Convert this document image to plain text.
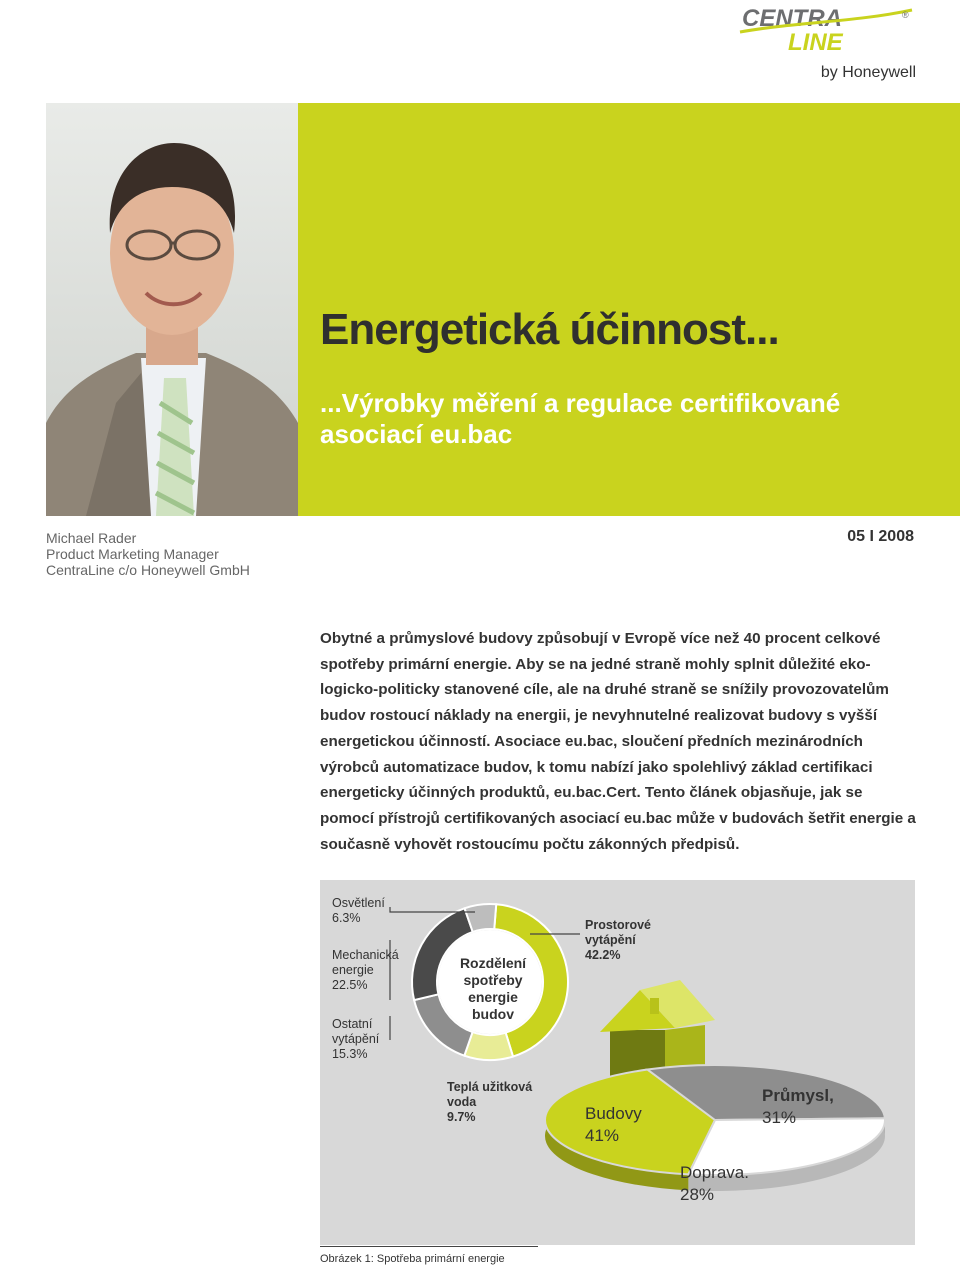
CENTRA
LINE
®
by Honeywell
Energetická účinnost...
...Výrobky měření a regulace certifikované asociací eu.bac
Michael Rader
Product Marketing Manager
CentraLine c/o Honeywell GmbH
05 I 2008

Obytné a průmyslové budovy způsobují v Evropě více než 40 procent celkové spotřeby primární energie. Aby se na jedné straně mohly splnit důležité eko-logicko-politicky stanovené cíle, ale na druhé straně se snížily provozovatelům budov rostoucí náklady na energii, je nevyhnutelné realizovat budovy s vyšší energetickou účinností. Asociace eu.bac, sloučení předních mezinárodních výrobců automatizace budov, k tomu nabízí jako spolehlivý základ certifikaci energeticky účinných produktů, eu.bac.Cert. Tento článek objasňuje, jak se pomocí přístrojů certifikovaných asociací eu.bac může v budovách šetřit energie a současně vyhovět rostoucímu počtu zákonných předpisů.

Osvětlení
6.3%
Mechanická
energie
22.5%
Ostatní
vytápění
15.3%
Prostorové
vytápění
42.2%
Teplá užitková
voda
9.7%
Rozdělení
spotřeby
energie
budov
Budovy
41%
Průmysl,
31%
Doprava.
28%
Obrázek 1: Spotřeba primární energie
